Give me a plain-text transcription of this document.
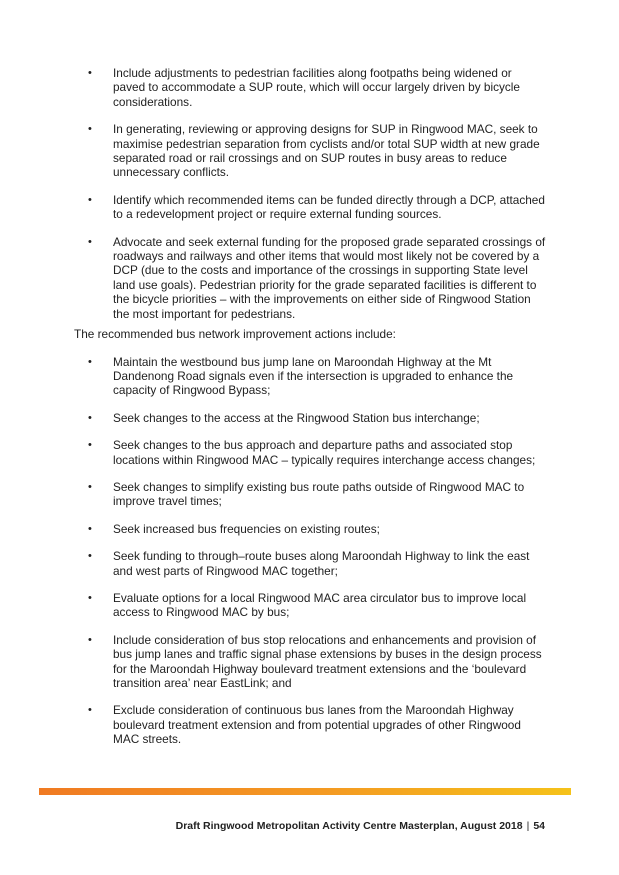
• Include adjustments to pedestrian facilities along footpaths being widened or paved to accommodate a SUP route, which will occur largely driven by bicycle considerations.
• In generating, reviewing or approving designs for SUP in Ringwood MAC, seek to maximise pedestrian separation from cyclists and/or total SUP width at new grade separated road or rail crossings and on SUP routes in busy areas to reduce unnecessary conflicts.
• Identify which recommended items can be funded directly through a DCP, attached to a redevelopment project or require external funding sources.
• Advocate and seek external funding for the proposed grade separated crossings of roadways and railways and other items that would most likely not be covered by a DCP (due to the costs and importance of the crossings in supporting State level land use goals). Pedestrian priority for the grade separated facilities is different to the bicycle priorities – with the improvements on either side of Ringwood Station the most important for pedestrians.

The recommended bus network improvement actions include:

• Maintain the westbound bus jump lane on Maroondah Highway at the Mt Dandenong Road signals even if the intersection is upgraded to enhance the capacity of Ringwood Bypass;
• Seek changes to the access at the Ringwood Station bus interchange;
• Seek changes to the bus approach and departure paths and associated stop locations within Ringwood MAC – typically requires interchange access changes;
• Seek changes to simplify existing bus route paths outside of Ringwood MAC to improve travel times;
• Seek increased bus frequencies on existing routes;
• Seek funding to through–route buses along Maroondah Highway to link the east and west parts of Ringwood MAC together;
• Evaluate options for a local Ringwood MAC area circulator bus to improve local access to Ringwood MAC by bus;
• Include consideration of bus stop relocations and enhancements and provision of bus jump lanes and traffic signal phase extensions by buses in the design process for the Maroondah Highway boulevard treatment extensions and the ‘boulevard transition area’ near EastLink; and
• Exclude consideration of continuous bus lanes from the Maroondah Highway boulevard treatment extension and from potential upgrades of other Ringwood MAC streets.
Draft Ringwood Metropolitan Activity Centre Masterplan, August 2018 | 54
